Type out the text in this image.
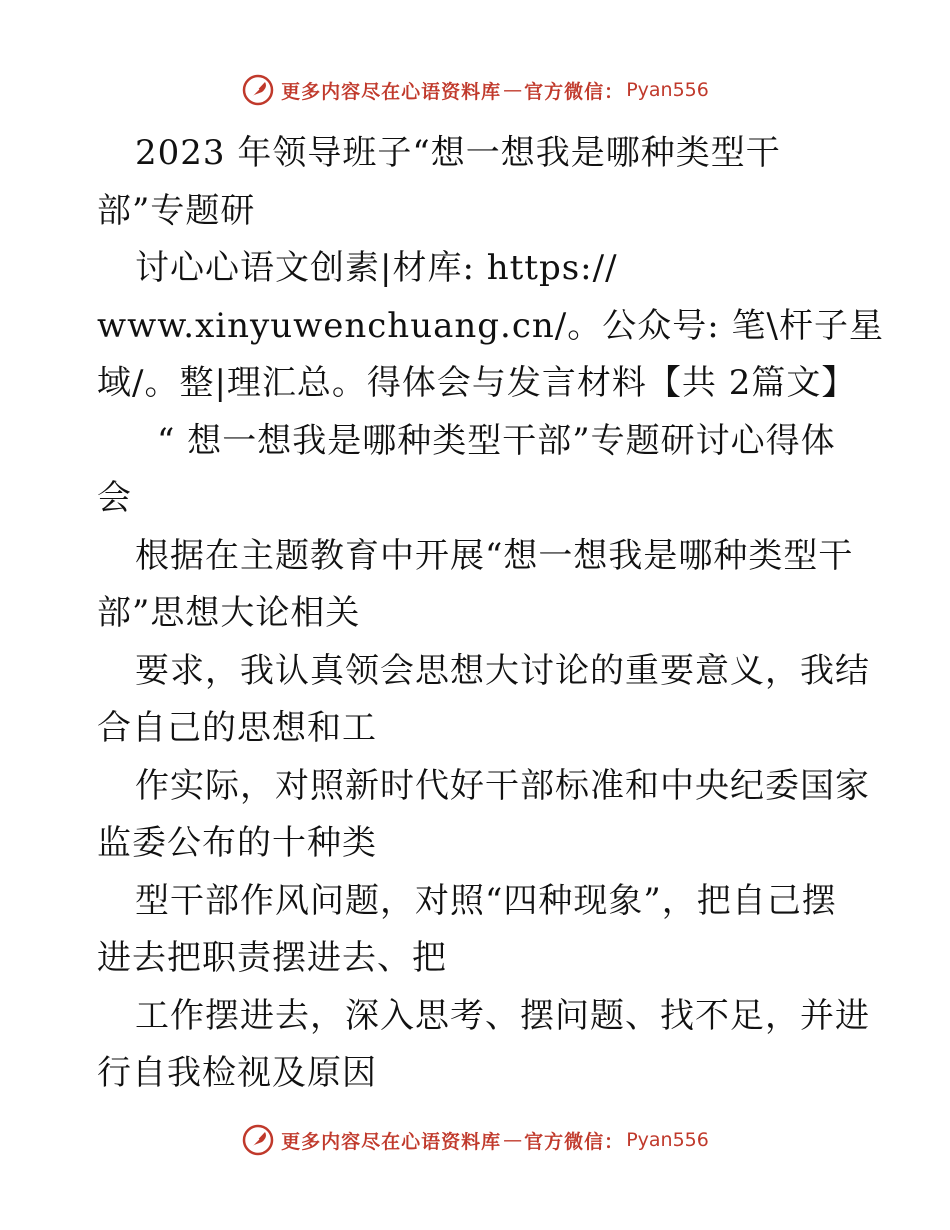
更多内容尽在心语资料库 — 官方微信： Pyan556
2023 年领导班子“想一想我是哪种类型干
部”专题研
讨心心语文创素|材库: https://
www.xinyuwenchuang.cn/。公众号: 笔\杆子星
域/。整|理汇总。得体会与发言材料【共 2篇文】
“ 想一想我是哪种类型干部”专题研讨心得体
会
根据在主题教育中开展“想一想我是哪种类型干
部”思想大论相关
要求，我认真领会思想大讨论的重要意义，我结
合自己的思想和工
作实际，对照新时代好干部标准和中央纪委国家
监委公布的十种类
型干部作风问题，对照“四种现象”，把自己摆
进去把职责摆进去、把
工作摆进去，深入思考、摆问题、找不足，并进
行自我检视及原因
更多内容尽在心语资料库 — 官方微信： Pyan556
